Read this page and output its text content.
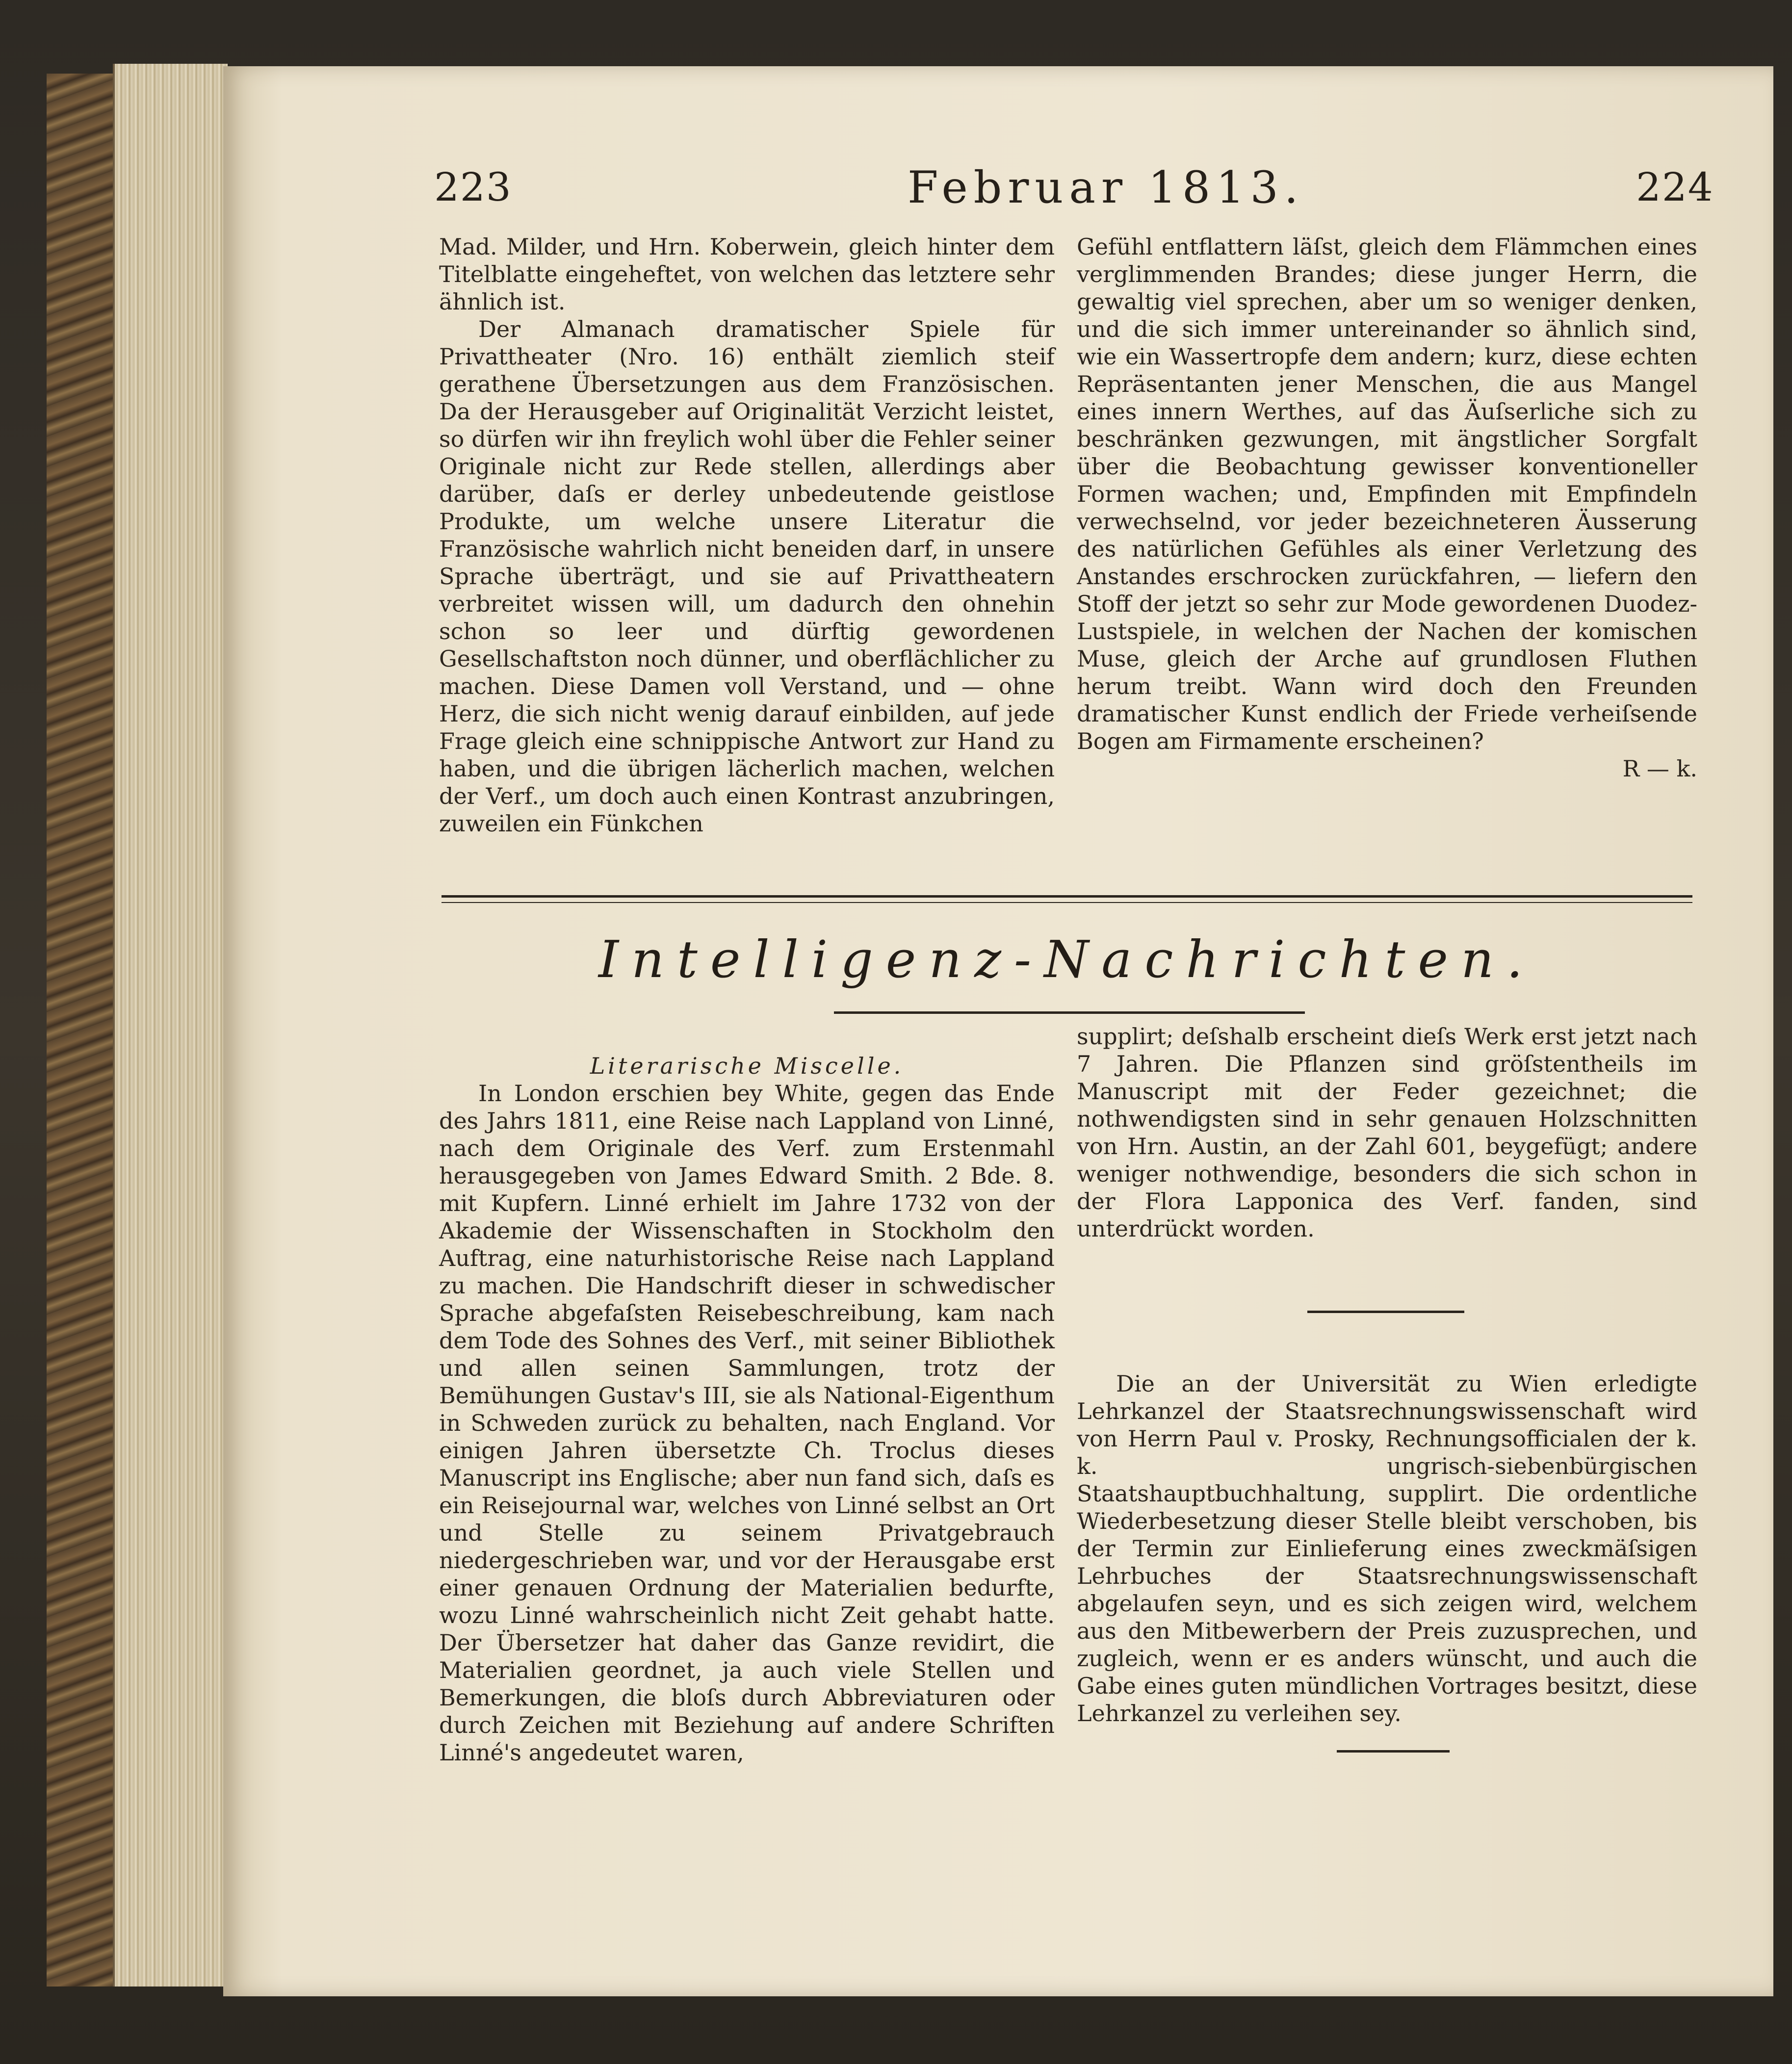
223	Februar 1813.	224

Mad. Milder, und Hrn. Koberwein, gleich hinter dem Titelblatte eingeheftet, von welchen das letztere sehr ähnlich ist.

Der Almanach dramatischer Spiele für Privattheater (Nro. 16) enthält ziemlich steif gerathene Übersetzungen aus dem Französischen. Da der Herausgeber auf Originalität Verzicht leistet, so dürfen wir ihn freylich wohl über die Fehler seiner Originale nicht zur Rede stellen, allerdings aber darüber, daſs er derley unbedeutende geistlose Produkte, um welche unsere Literatur die Französische wahrlich nicht beneiden darf, in unsere Sprache überträgt, und sie auf Privattheatern verbreitet wissen will, um dadurch den ohnehin schon so leer und dürftig gewordenen Gesellschaftston noch dünner, und oberflächlicher zu machen. Diese Damen voll Verstand, und — ohne Herz, die sich nicht wenig darauf einbilden, auf jede Frage gleich eine schnippische Antwort zur Hand zu haben, und die übrigen lächerlich machen, welchen der Verf., um doch auch einen Kontrast anzubringen, zuweilen ein Fünkchen

Gefühl entflattern läſst, gleich dem Flämmchen eines verglimmenden Brandes; diese junger Herrn, die gewaltig viel sprechen, aber um so weniger denken, und die sich immer untereinander so ähnlich sind, wie ein Wassertropfe dem andern; kurz, diese echten Repräsentanten jener Menschen, die aus Mangel eines innern Werthes, auf das Äuſserliche sich zu beschränken gezwungen, mit ängstlicher Sorgfalt über die Beobachtung gewisser konventioneller Formen wachen; und, Empfinden mit Empfindeln verwechselnd, vor jeder bezeichneteren Äusserung des natürlichen Gefühles als einer Verletzung des Anstandes erschrocken zurückfahren, — liefern den Stoff der jetzt so sehr zur Mode gewordenen Duodez-Lustspiele, in welchen der Nachen der komischen Muse, gleich der Arche auf grundlosen Fluthen herum treibt. Wann wird doch den Freunden dramatischer Kunst endlich der Friede verheiſsende Bogen am Firmamente erscheinen?

R — k.

Intelligenz-Nachrichten.

Literarische Miscelle.

In London erschien bey White, gegen das Ende des Jahrs 1811, eine Reise nach Lappland von Linné, nach dem Originale des Verf. zum Erstenmahl herausgegeben von James Edward Smith. 2 Bde. 8. mit Kupfern. Linné erhielt im Jahre 1732 von der Akademie der Wissenschaften in Stockholm den Auftrag, eine naturhistorische Reise nach Lappland zu machen. Die Handschrift dieser in schwedischer Sprache abgefaſsten Reisebeschreibung, kam nach dem Tode des Sohnes des Verf., mit seiner Bibliothek und allen seinen Sammlungen, trotz der Bemühungen Gustav's III, sie als National-Eigenthum in Schweden zurück zu behalten, nach England. Vor einigen Jahren übersetzte Ch. Troclus dieses Manuscript ins Englische; aber nun fand sich, daſs es ein Reisejournal war, welches von Linné selbst an Ort und Stelle zu seinem Privatgebrauch niedergeschrieben war, und vor der Herausgabe erst einer genauen Ordnung der Materialien bedurfte, wozu Linné wahrscheinlich nicht Zeit gehabt hatte. Der Übersetzer hat daher das Ganze revidirt, die Materialien geordnet, ja auch viele Stellen und Bemerkungen, die bloſs durch Abbreviaturen oder durch Zeichen mit Beziehung auf andere Schriften Linné's angedeutet waren,

supplirt; deſshalb erscheint dieſs Werk erst jetzt nach 7 Jahren. Die Pflanzen sind gröſstentheils im Manuscript mit der Feder gezeichnet; die nothwendigsten sind in sehr genauen Holzschnitten von Hrn. Austin, an der Zahl 601, beygefügt; andere weniger nothwendige, besonders die sich schon in der Flora Lapponica des Verf. fanden, sind unterdrückt worden.

Die an der Universität zu Wien erledigte Lehrkanzel der Staatsrechnungswissenschaft wird von Herrn Paul v. Prosky, Rechnungsofficialen der k. k. ungrisch-siebenbürgischen Staatshauptbuchhaltung, supplirt. Die ordentliche Wiederbesetzung dieser Stelle bleibt verschoben, bis der Termin zur Einlieferung eines zweckmäſsigen Lehrbuches der Staatsrechnungswissenschaft abgelaufen seyn, und es sich zeigen wird, welchem aus den Mitbewerbern der Preis zuzusprechen, und zugleich, wenn er es anders wünscht, und auch die Gabe eines guten mündlichen Vortrages besitzt, diese Lehrkanzel zu verleihen sey.
